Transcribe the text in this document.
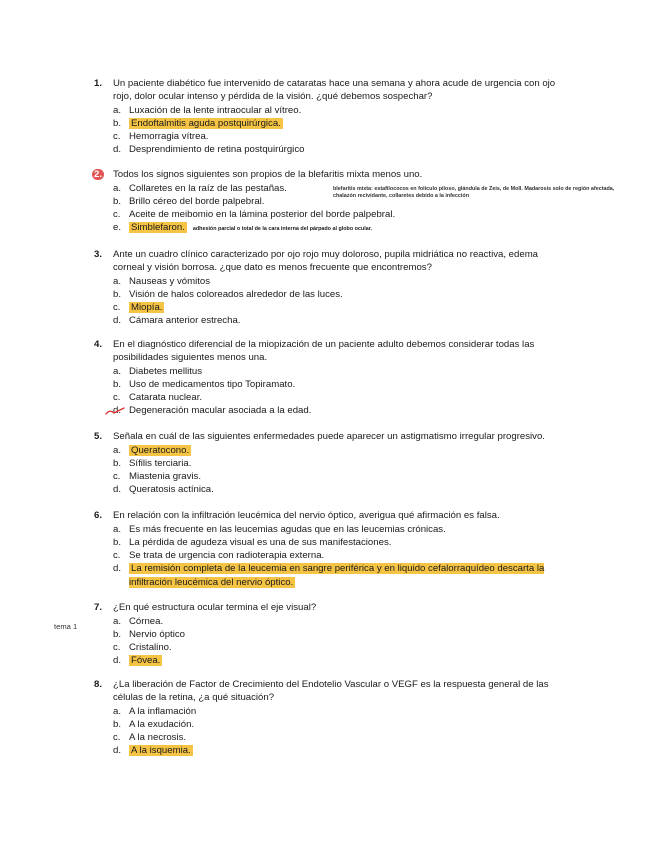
1. Un paciente diabético fue intervenido de cataratas hace una semana y ahora acude de urgencia con ojo rojo, dolor ocular intenso y pérdida de la visión. ¿qué debemos sospechar?
a. Luxación de la lente intraocular al vítreo.
b. Endoftalmitis aguda postquirúrgica.
c. Hemorragia vítrea.
d. Desprendimiento de retina postquirúrgico
2. Todos los signos siguientes son propios de la blefaritis mixta menos uno.
a. Collaretes en la raíz de las pestañas.
b. Brillo céreo del borde palpebral.
c. Aceite de meibomio en la lámina posterior del borde palpebral.
e. Simblefaron. adhesión parcial o total de la cara interna del párpado al globo ocular.
blefaritis mixta: estafilococos en folículo piloso, glándula de Zeis, de Moll. Madarosis solo de región afectada, chalazón recividante, collaretes debido a la infección
3. Ante un cuadro clínico caracterizado por ojo rojo muy doloroso, pupila midriática no reactiva, edema corneal y visión borrosa. ¿que dato es menos frecuente que encontremos?
a. Nauseas y vómitos
b. Visión de halos coloreados alrededor de las luces.
c. Miopía.
d. Cámara anterior estrecha.
4. En el diagnóstico diferencial de la miopización de un paciente adulto debemos considerar todas las posibilidades siguientes menos una.
a. Diabetes mellitus
b. Uso de medicamentos tipo Topiramato.
c. Catarata nuclear.
d. Degeneración macular asociada a la edad.
5. Señala en cuál de las siguientes enfermedades puede aparecer un astigmatismo irregular progresivo.
a. Queratocono.
b. Sífilis terciaria.
c. Miastenia gravis.
d. Queratosis actínica.
6. En relación con la infiltración leucémica del nervio óptico, averigua qué afirmación es falsa.
a. Es más frecuente en las leucemias agudas que en las leucemias crónicas.
b. La pérdida de agudeza visual es una de sus manifestaciones.
c. Se trata de urgencia con radioterapia externa.
d. La remisión completa de la leucemia en sangre periférica y en liquido cefalorraquídeo descarta la infiltración leucémica del nervio óptico.
7. ¿En qué estructura ocular termina el eje visual?
a. Córnea.
b. Nervio óptico
c. Cristalino.
d. Fóvea.
tema 1
8. ¿La liberación de Factor de Crecimiento del Endotelio Vascular o VEGF es la respuesta general de las células de la retina, ¿a qué situación?
a. A la inflamación
b. A la exudación.
c. A la necrosis.
d. A la isquemia.
